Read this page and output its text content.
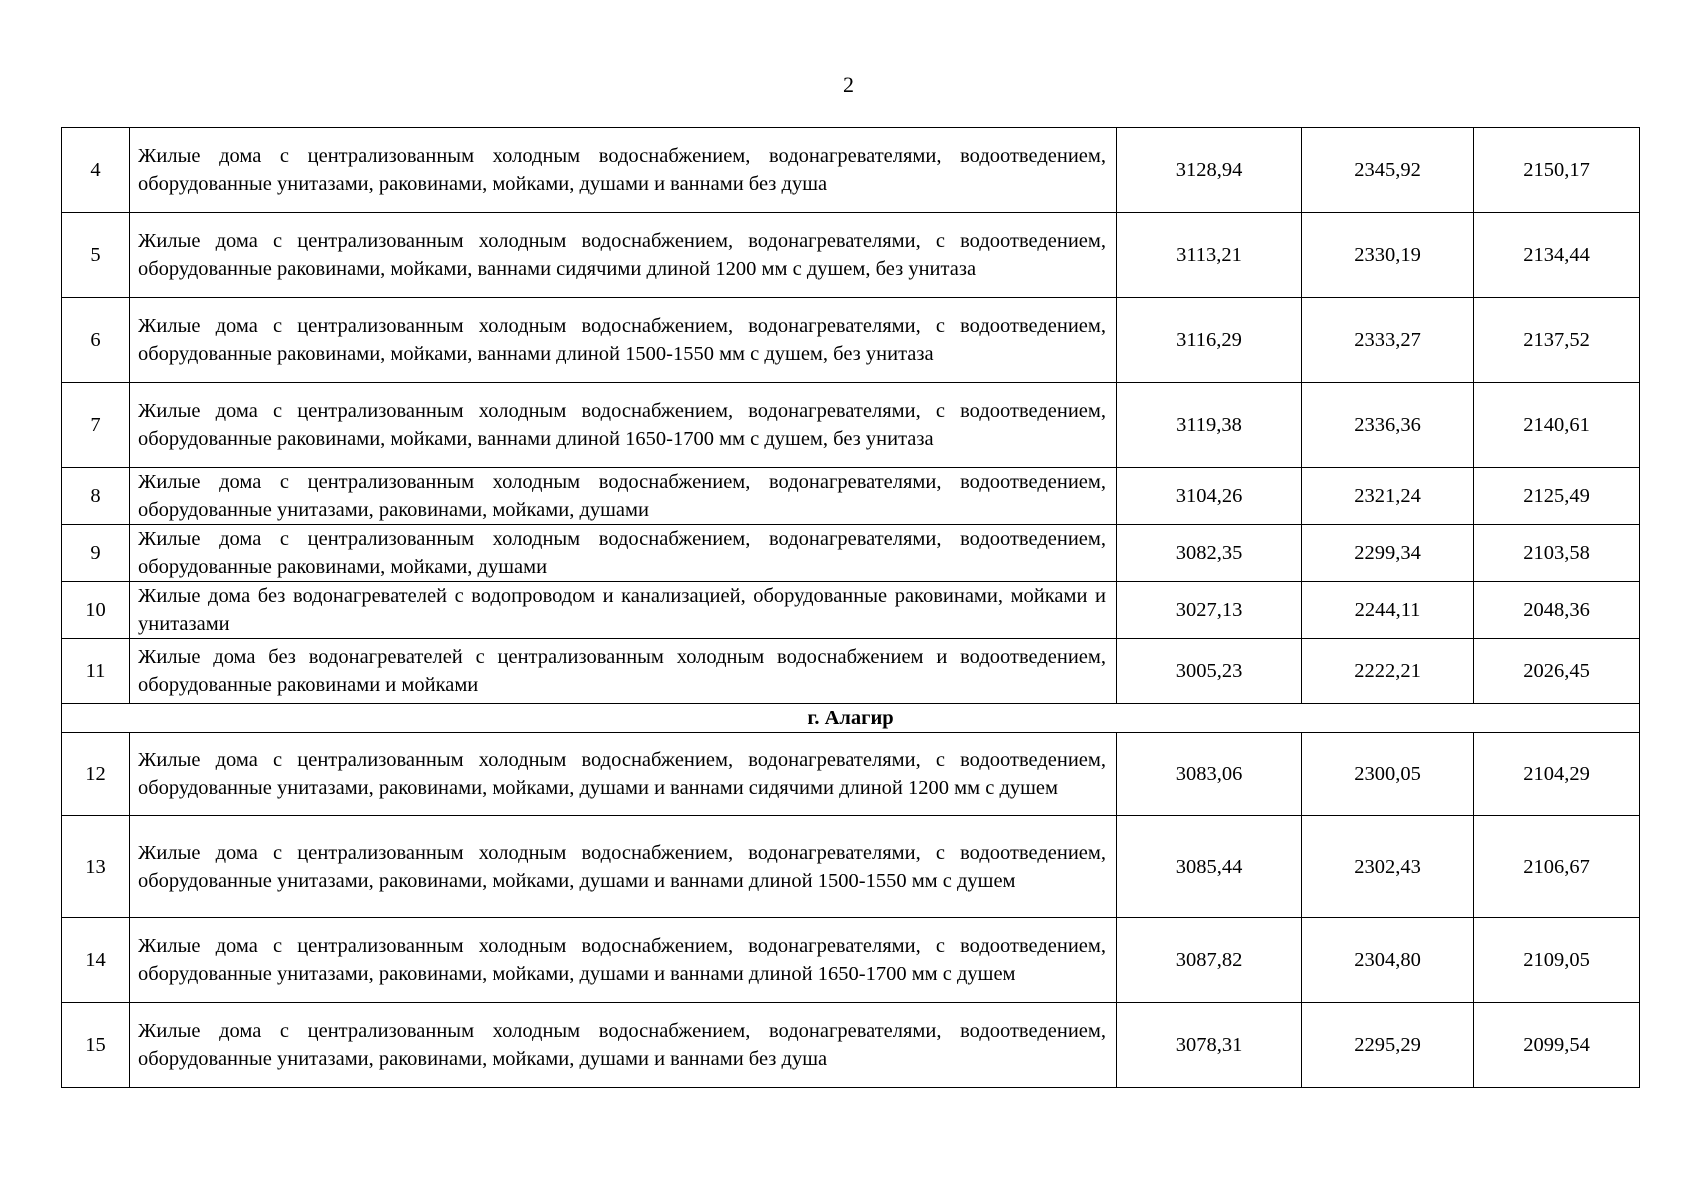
2
4	Жилые дома с централизованным холодным водоснабжением, водонагревателями, водоотведением, оборудованные унитазами, раковинами, мойками, душами и ваннами без душа	3128,94	2345,92	2150,17
5	Жилые дома с централизованным холодным водоснабжением, водонагревателями, с водоотведением, оборудованные раковинами, мойками, ваннами сидячими длиной 1200 мм с душем, без унитаза	3113,21	2330,19	2134,44
6	Жилые дома с централизованным холодным водоснабжением, водонагревателями, с водоотведением, оборудованные раковинами, мойками, ваннами длиной 1500-1550 мм с душем, без унитаза	3116,29	2333,27	2137,52
7	Жилые дома с централизованным холодным водоснабжением, водонагревателями, с водоотведением, оборудованные раковинами, мойками, ваннами длиной 1650-1700 мм с душем, без унитаза	3119,38	2336,36	2140,61
8	Жилые дома с централизованным холодным водоснабжением, водонагревателями, водоотведением, оборудованные унитазами, раковинами, мойками, душами	3104,26	2321,24	2125,49
9	Жилые дома с централизованным холодным водоснабжением, водонагревателями, водоотведением, оборудованные раковинами, мойками, душами	3082,35	2299,34	2103,58
10	Жилые дома без водонагревателей с водопроводом и канализацией, оборудованные раковинами, мойками и унитазами	3027,13	2244,11	2048,36
11	Жилые дома без водонагревателей с централизованным холодным водоснабжением и водоотведением, оборудованные раковинами и мойками	3005,23	2222,21	2026,45
г. Алагир				
12	Жилые дома с централизованным холодным водоснабжением, водонагревателями, с водоотведением, оборудованные унитазами, раковинами, мойками, душами и ваннами сидячими длиной 1200 мм с душем	3083,06	2300,05	2104,29
13	Жилые дома с централизованным холодным водоснабжением, водонагревателями, с водоотведением, оборудованные унитазами, раковинами, мойками, душами и ваннами длиной 1500-1550 мм с душем	3085,44	2302,43	2106,67
14	Жилые дома с централизованным холодным водоснабжением, водонагревателями, с водоотведением, оборудованные унитазами, раковинами, мойками, душами и ваннами длиной 1650-1700 мм с душем	3087,82	2304,80	2109,05
15	Жилые дома с централизованным холодным водоснабжением, водонагревателями, водоотведением, оборудованные унитазами, раковинами, мойками, душами и ваннами без душа	3078,31	2295,29	2099,54
